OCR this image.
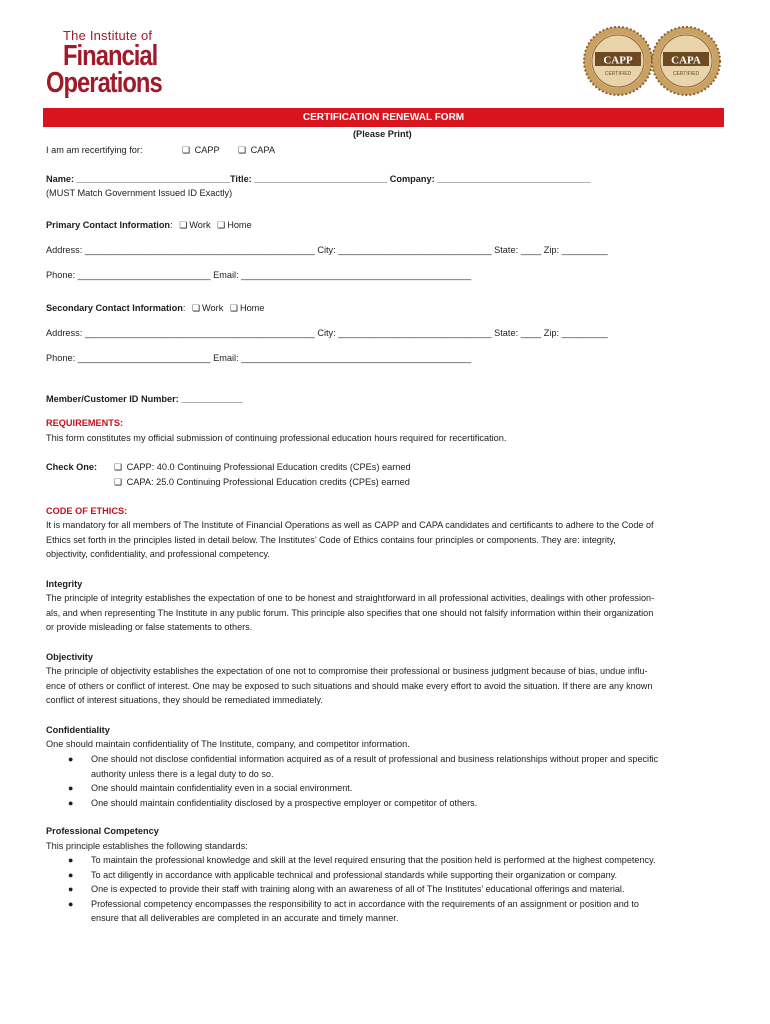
The Institute of
Financial
Operations
CAPP
CERTIFIED
CAPA
CERTIFIED
CERTIFICATION RENEWAL FORM
(Please Print)
I am am recertifying for:	❏ CAPP ❏ CAPA
Name: ______________________________Title: __________________________ Company: ______________________________
(MUST Match Government Issued ID Exactly)
Primary Contact Information: ❏ Work ❏ Home
Address: _____________________________________________ City: ______________________________ State: ____ Zip: _________
Phone: __________________________ Email: _____________________________________________
Secondary Contact Information: ❏ Work ❏ Home
Address: _____________________________________________ City: ______________________________ State: ____ Zip: _________
Phone: __________________________ Email: _____________________________________________
Member/Customer ID Number: ____________
REQUIREMENTS:
This form constitutes my official submission of continuing professional education hours required for recertification.
Check One: ❏ CAPP: 40.0 Continuing Professional Education credits (CPEs) earned
❏ CAPA: 25.0 Continuing Professional Education credits (CPEs) earned
CODE OF ETHICS:
It is mandatory for all members of The Institute of Financial Operations as well as CAPP and CAPA candidates and certificants to adhere to the Code of
Ethics set forth in the principles listed in detail below. The Institutes’ Code of Ethics contains four principles or components. They are: integrity,
objectivity, confidentiality, and professional competency.
Integrity
The principle of integrity establishes the expectation of one to be honest and straightforward in all professional activities, dealings with other profession-
als, and when representing The Institute in any public forum. This principle also specifies that one should not falsify information within their organization
or provide misleading or false statements to others.
Objectivity
The principle of objectivity establishes the expectation of one not to compromise their professional or business judgment because of bias, undue influ-
ence of others or conflict of interest. One may be exposed to such situations and should make every effort to avoid the situation. If there are any known
conflict of interest situations, they should be remediated immediately.
Confidentiality
One should maintain confidentiality of The Institute, company, and competitor information.
● One should not disclose confidential information acquired as of a result of professional and business relationships without proper and specific
authority unless there is a legal duty to do so.
● One should maintain confidentiality even in a social environment.
● One should maintain confidentiality disclosed by a prospective employer or competitor of others.
Professional Competency
This principle establishes the following standards:
● To maintain the professional knowledge and skill at the level required ensuring that the position held is performed at the highest competency.
● To act diligently in accordance with applicable technical and professional standards while supporting their organization or company.
● One is expected to provide their staff with training along with an awareness of all of The Institutes’ educational offerings and material.
● Professional competency encompasses the responsibility to act in accordance with the requirements of an assignment or position and to
ensure that all deliverables are completed in an accurate and timely manner.
